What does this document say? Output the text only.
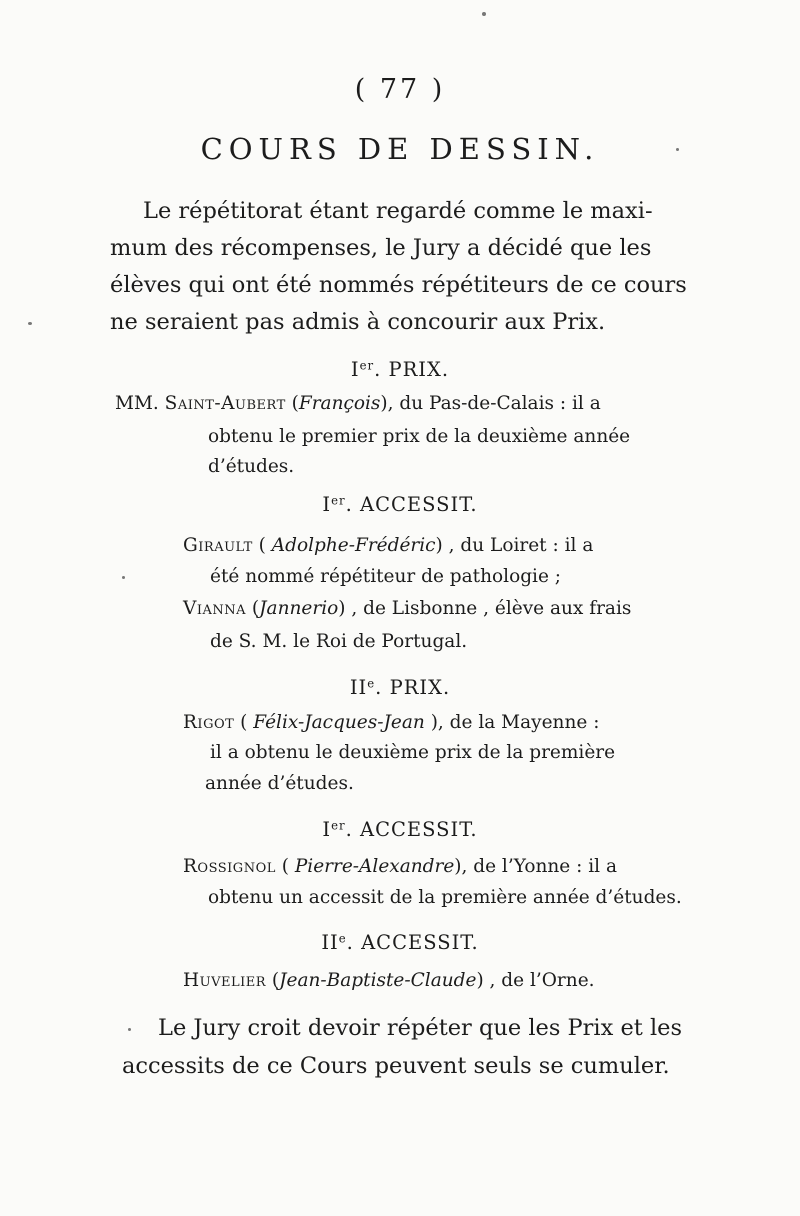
( 77 )
COURS DE DESSIN.
Le répétitorat étant regardé comme le maxi-
mum des récompenses, le Jury a décidé que les
élèves qui ont été nommés répétiteurs de ce cours
ne seraient pas admis à concourir aux Prix.
Ier. PRIX.
MM. Saint-Aubert (François), du Pas-de-Calais : il a
obtenu le premier prix de la deuxième année
d’études.
Ier. ACCESSIT.
Girault ( Adolphe-Frédéric) , du Loiret : il a
été nommé répétiteur de pathologie ;
Vianna (Jannerio) , de Lisbonne , élève aux frais
de S. M. le Roi de Portugal.
IIe. PRIX.
Rigot ( Félix-Jacques-Jean ), de la Mayenne :
il a obtenu le deuxième prix de la première
année d’études.
Ier. ACCESSIT.
Rossignol ( Pierre-Alexandre), de l’Yonne : il a
obtenu un accessit de la première année d’études.
IIe. ACCESSIT.
Huvelier (Jean-Baptiste-Claude) , de l’Orne.
Le Jury croit devoir répéter que les Prix et les
accessits de ce Cours peuvent seuls se cumuler.
